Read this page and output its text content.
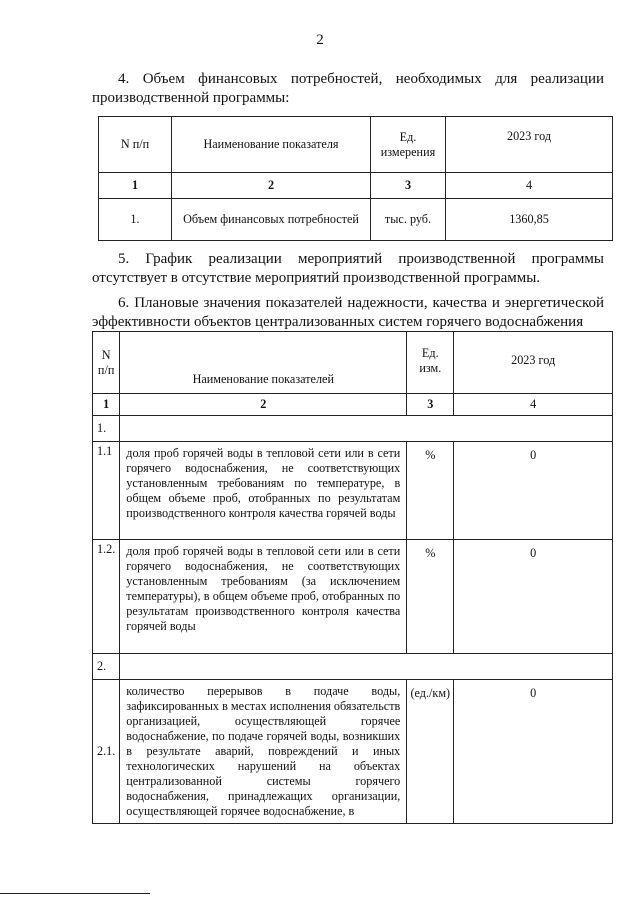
2

4. Объем финансовых потребностей, необходимых для реализации производственной программы:

N п/п	Наименование показателя	Ед. измерения	2023 год
1	2	3	4
1.	Объем финансовых потребностей	тыс. руб.	1360,85

5. График реализации мероприятий производственной программы отсутствует в отсутствие мероприятий производственной программы.

6. Плановые значения показателей надежности, качества и энергетической эффективности объектов централизованных систем горячего водоснабжения

N п/п	Наименование показателей	Ед. изм.	2023 год
1	2	3	4
1.			
1.1	доля проб горячей воды в тепловой сети или в сети горячего водоснабжения, не соответствующих установленным требованиям по температуре, в общем объеме проб, отобранных по результатам производственного контроля качества горячей воды	%	0
1.2.	доля проб горячей воды в тепловой сети или в сети горячего водоснабжения, не соответствующих установленным требованиям (за исключением температуры), в общем объеме проб, отобранных по результатам производственного контроля качества горячей воды	%	0
2.			
2.1.	количество перерывов в подаче воды, зафиксированных в местах исполнения обязательств организацией, осуществляющей горячее водоснабжение, по подаче горячей воды, возникших в результате аварий, повреждений и иных технологических нарушений на объектах централизованной системы горячего водоснабжения, принадлежащих организации, осуществляющей горячее водоснабжение, в	(ед./км)	0
